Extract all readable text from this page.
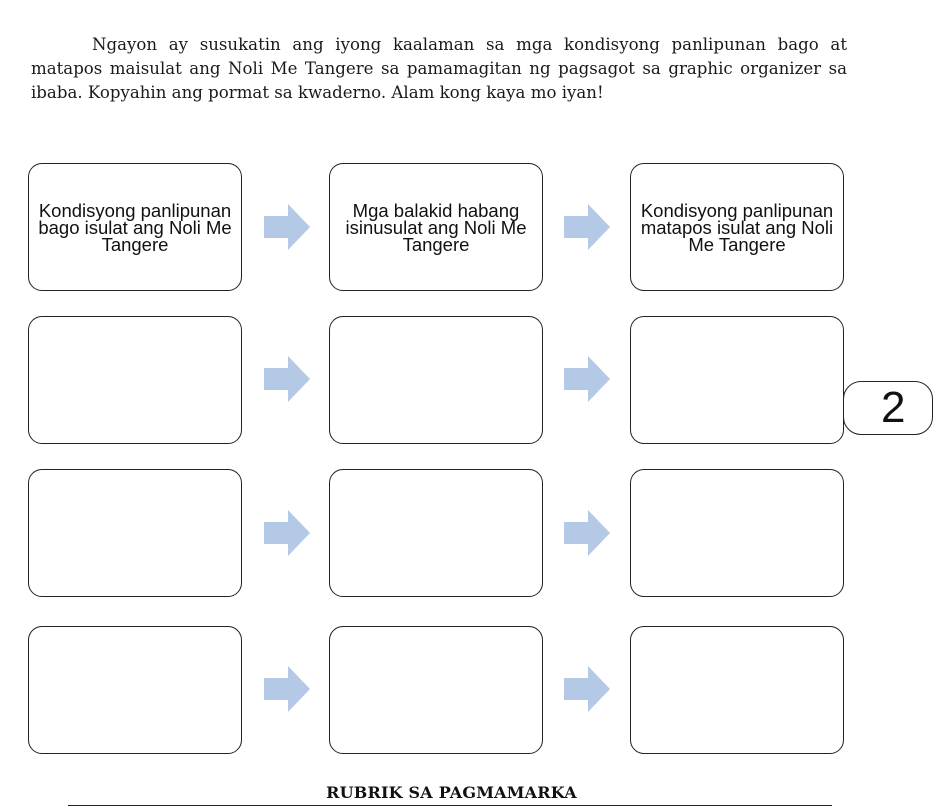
Ngayon ay susukatin ang iyong kaalaman sa mga kondisyong panlipunan bago at matapos maisulat ang Noli Me Tangere sa pamamagitan ng pagsagot sa graphic organizer sa ibaba. Kopyahin ang pormat sa kwaderno. Alam kong kaya mo iyan!

Kondisyong panlipunan bago isulat ang Noli Me Tangere
Mga balakid habang isinusulat ang Noli Me Tangere
Kondisyong panlipunan matapos isulat ang Noli Me Tangere
2
RUBRIK SA PAGMAMARKA
